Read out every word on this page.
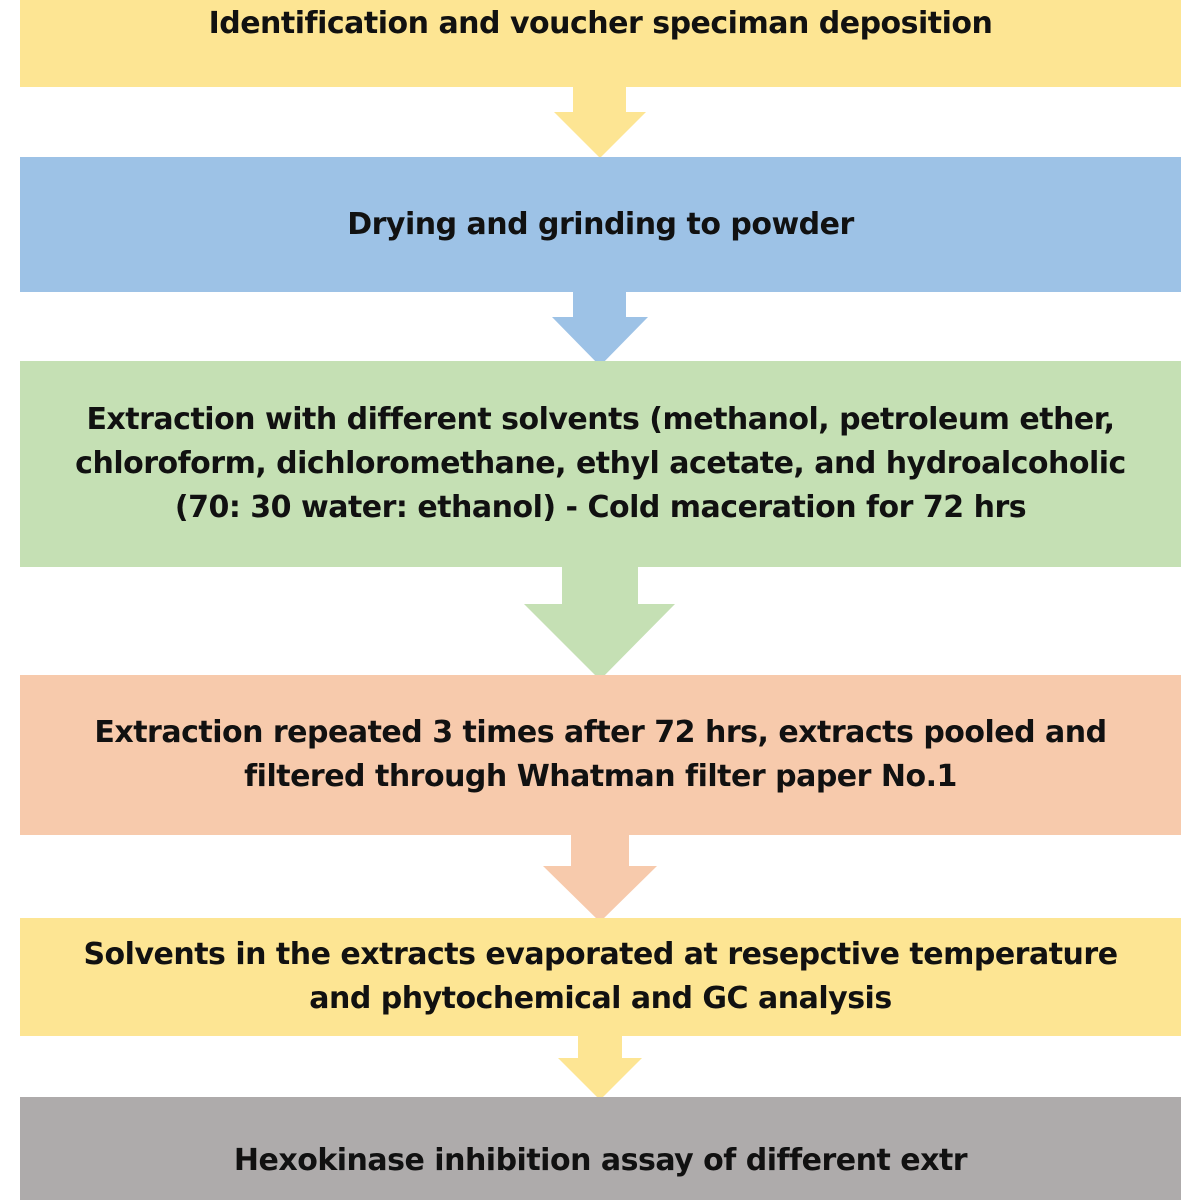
Identification and voucher speciman deposition
Drying and grinding to powder
Extraction with different solvents (methanol, petroleum ether,
chloroform, dichloromethane, ethyl acetate, and hydroalcoholic
(70: 30 water: ethanol) - Cold maceration for 72 hrs
Extraction repeated 3 times after 72 hrs, extracts pooled and
filtered through Whatman filter paper No.1
Solvents in the extracts evaporated at resepctive temperature
and phytochemical and GC analysis
Hexokinase inhibition assay of different extr
